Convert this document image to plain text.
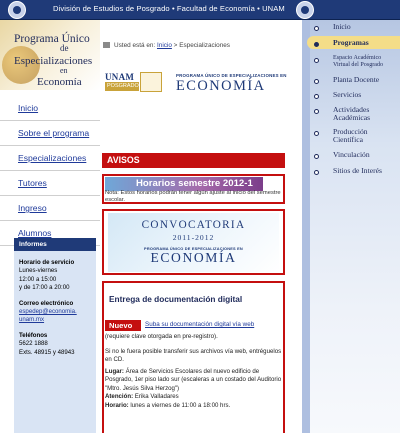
División de Estudios de Posgrado • Facultad de Economía • UNAM
Programa Único
de
Especializaciones
en
Economía
Inicio
Sobre el programa
Especializaciones
Tutores
Ingreso
Alumnos
Informes
Horario de servicio
Lunes-viernes
12:00 a 15:00
y de 17:00 a 20:00
Correo electrónico
espedep@economia.
unam.mx
Teléfonos
5622 1888
Exts. 48915 y 48943
Usted está en: Inicio > Especializaciones
UNAM
POSGRADO
PROGRAMA ÚNICO DE ESPECIALIZACIONES EN
ECONOMÍA
AVISOS
Horarios semestre 2012-1
Nota: Estos horarios podrán tener algún ajuste al inicio del semestre escolar.
CONVOCATORIA
2011-2012
PROGRAMA ÚNICO DE ESPECIALIZACIONES EN
ECONOMÍA
Entrega de documentación digital
Nuevo	Suba su documentación digital vía web
(requiere clave otorgada en pre-registro).
Si no le fuera posible transferir sus archivos vía web, entréguelos en CD.
Lugar: Área de Servicios Escolares del nuevo edificio de Posgrado, 1er piso lado sur (escaleras a un costado del Auditorio "Mtro. Jesús Silva Herzog")
Atención: Erika Valladares
Horario: lunes a viernes de 11:00 a 18:00 hrs.
Inicio
Programas
Espacio Académico
Virtual del Posgrado
Planta Docente
Servicios
Actividades
Académicas
Producción
Científica
Vinculación
Sitios de Interés
